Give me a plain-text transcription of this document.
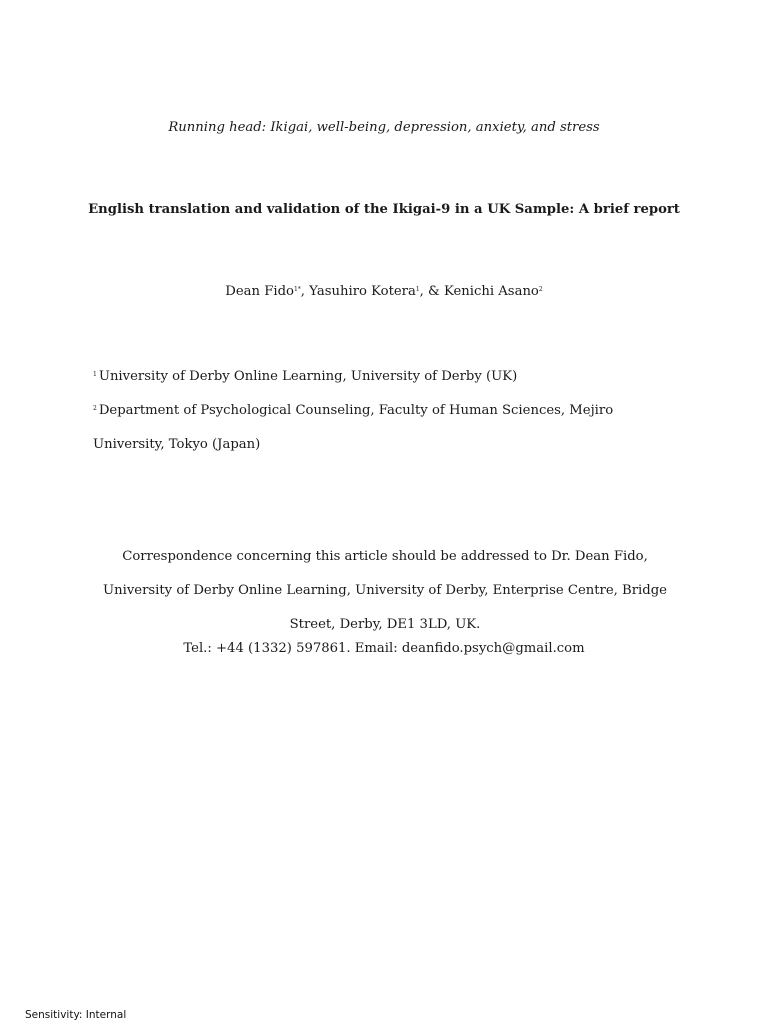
Running head: Ikigai, well-being, depression, anxiety, and stress
English translation and validation of the Ikigai-9 in a UK Sample: A brief report
Dean Fido$^{1*}$, Yasuhiro Kotera$^1$, & Kenichi Asano$^2$
$^1$ University of Derby Online Learning, University of Derby (UK)
$^2$ Department of Psychological Counseling, Faculty of Human Sciences, Mejiro University, Tokyo (Japan)
Correspondence concerning this article should be addressed to Dr. Dean Fido, University of Derby Online Learning, University of Derby, Enterprise Centre, Bridge Street, Derby, DE1 3LD, UK.
Tel.: +44 (1332) 597861. Email: deanfido.psych@gmail.com
Sensitivity: Internal
